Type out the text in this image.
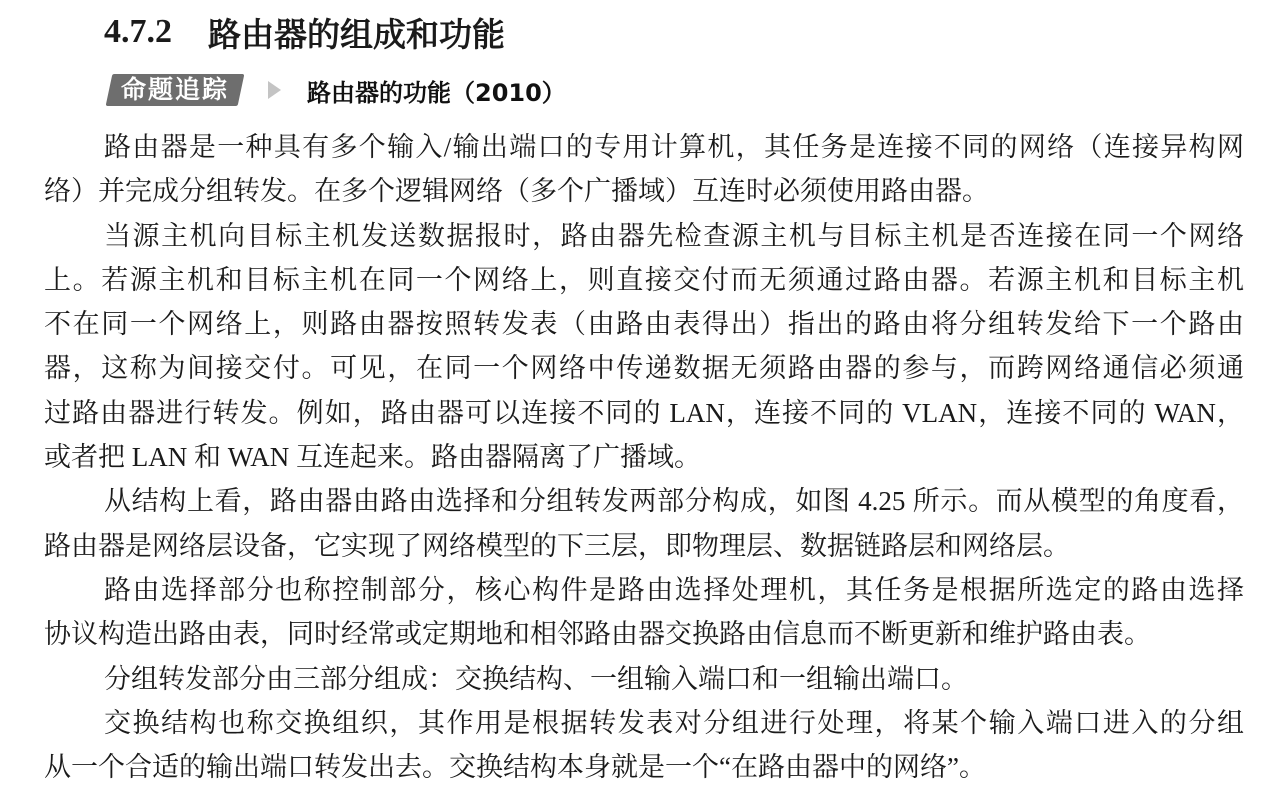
4.7.2 路由器的组成和功能
命题追踪	路由器的功能（2010）
路由器是一种具有多个输入/输出端口的专用计算机，其任务是连接不同的网络（连接异构网
络）并完成分组转发。在多个逻辑网络（多个广播域）互连时必须使用路由器。
当源主机向目标主机发送数据报时，路由器先检查源主机与目标主机是否连接在同一个网络
上。若源主机和目标主机在同一个网络上，则直接交付而无须通过路由器。若源主机和目标主机
不在同一个网络上，则路由器按照转发表（由路由表得出）指出的路由将分组转发给下一个路由
器，这称为间接交付。可见，在同一个网络中传递数据无须路由器的参与，而跨网络通信必须通
过路由器进行转发。例如，路由器可以连接不同的 LAN，连接不同的 VLAN，连接不同的 WAN，
或者把 LAN 和 WAN 互连起来。路由器隔离了广播域。
从结构上看，路由器由路由选择和分组转发两部分构成，如图 4.25 所示。而从模型的角度看，
路由器是网络层设备，它实现了网络模型的下三层，即物理层、数据链路层和网络层。
路由选择部分也称控制部分，核心构件是路由选择处理机，其任务是根据所选定的路由选择
协议构造出路由表，同时经常或定期地和相邻路由器交换路由信息而不断更新和维护路由表。
分组转发部分由三部分组成：交换结构、一组输入端口和一组输出端口。
交换结构也称交换组织，其作用是根据转发表对分组进行处理，将某个输入端口进入的分组
从一个合适的输出端口转发出去。交换结构本身就是一个“在路由器中的网络”。
